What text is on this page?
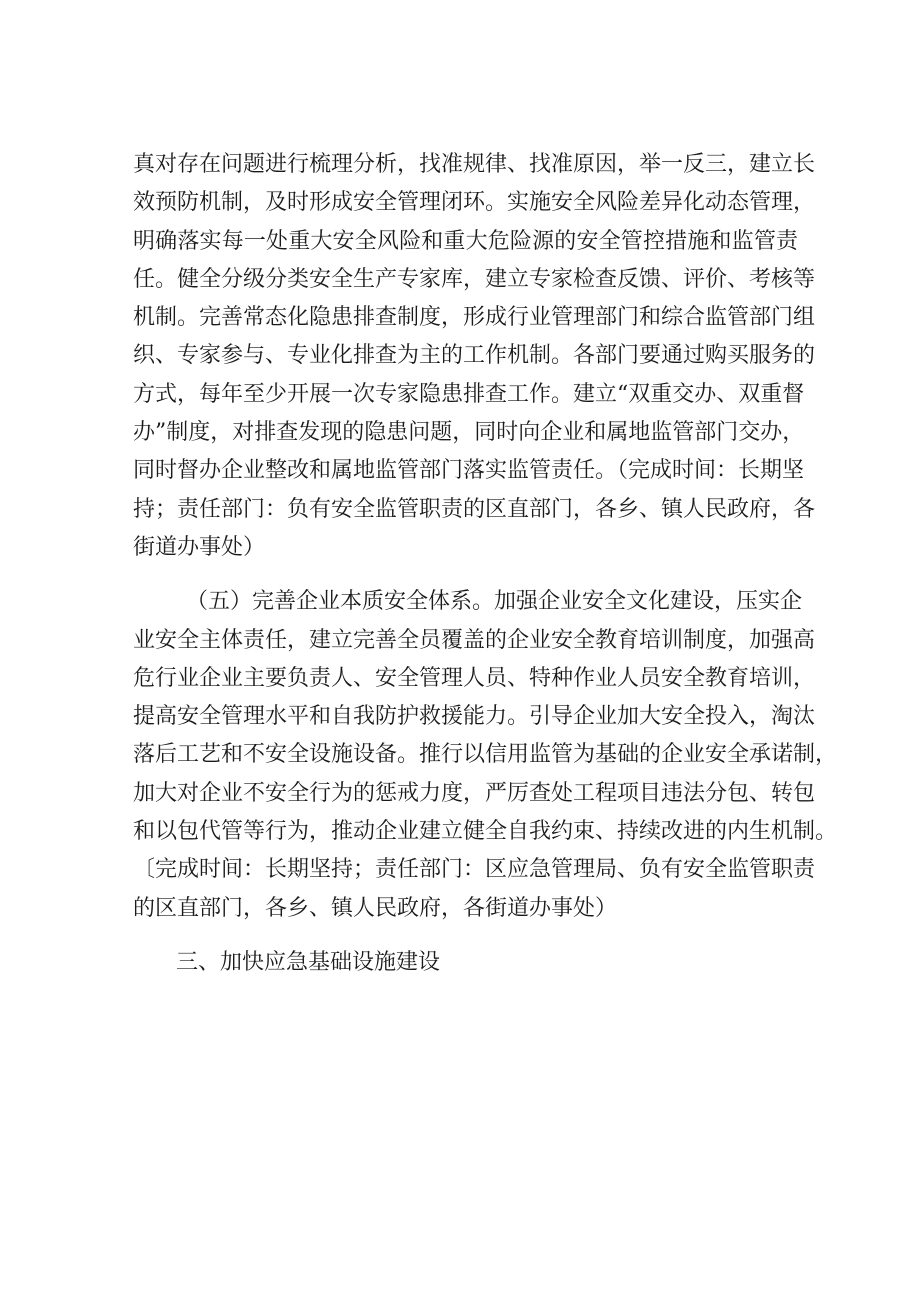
真对存在问题进行梳理分析，找准规律、找准原因，举一反三，建立长
效预防机制，及时形成安全管理闭环。实施安全风险差异化动态管理，
明确落实每一处重大安全风险和重大危险源的安全管控措施和监管责
任。健全分级分类安全生产专家库，建立专家检查反馈、评价、考核等
机制。完善常态化隐患排查制度，形成行业管理部门和综合监管部门组
织、专家参与、专业化排查为主的工作机制。各部门要通过购买服务的
方式，每年至少开展一次专家隐患排查工作。建立“双重交办、双重督
办”制度，对排查发现的隐患问题，同时向企业和属地监管部门交办，
同时督办企业整改和属地监管部门落实监管责任。（完成时间：长期坚
持；责任部门：负有安全监管职责的区直部门，各乡、镇人民政府，各
街道办事处）
（五）完善企业本质安全体系。加强企业安全文化建设，压实企
业安全主体责任，建立完善全员覆盖的企业安全教育培训制度，加强高
危行业企业主要负责人、安全管理人员、特种作业人员安全教育培训，
提高安全管理水平和自我防护救援能力。引导企业加大安全投入，淘汰
落后工艺和不安全设施设备。推行以信用监管为基础的企业安全承诺制，
加大对企业不安全行为的惩戒力度，严厉查处工程项目违法分包、转包
和以包代管等行为，推动企业建立健全自我约束、持续改进的内生机制。
〔完成时间：长期坚持；责任部门：区应急管理局、负有安全监管职责
的区直部门，各乡、镇人民政府，各街道办事处）
三、加快应急基础设施建设
